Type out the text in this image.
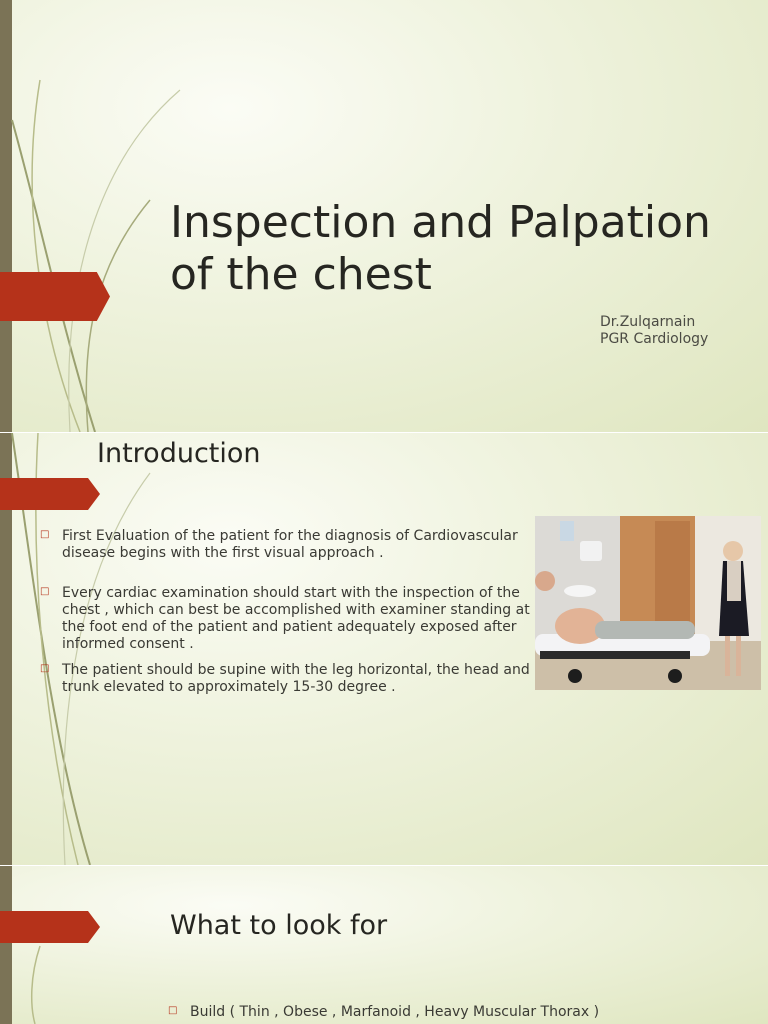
Inspection and Palpation
of the chest
Dr.Zulqarnain
PGR Cardiology
Introduction
□ First Evaluation of the patient for the diagnosis of Cardiovascular disease begins with the first visual approach .
□ Every cardiac examination should start with the inspection of the chest , which can best be accomplished with examiner standing at the foot end of the patient and patient adequately exposed after informed consent .
□ The patient should be supine with the leg horizontal, the head and trunk elevated to approximately 15-30 degree .
What to look for
□ Build ( Thin , Obese , Marfanoid , Heavy Muscular Thorax )
